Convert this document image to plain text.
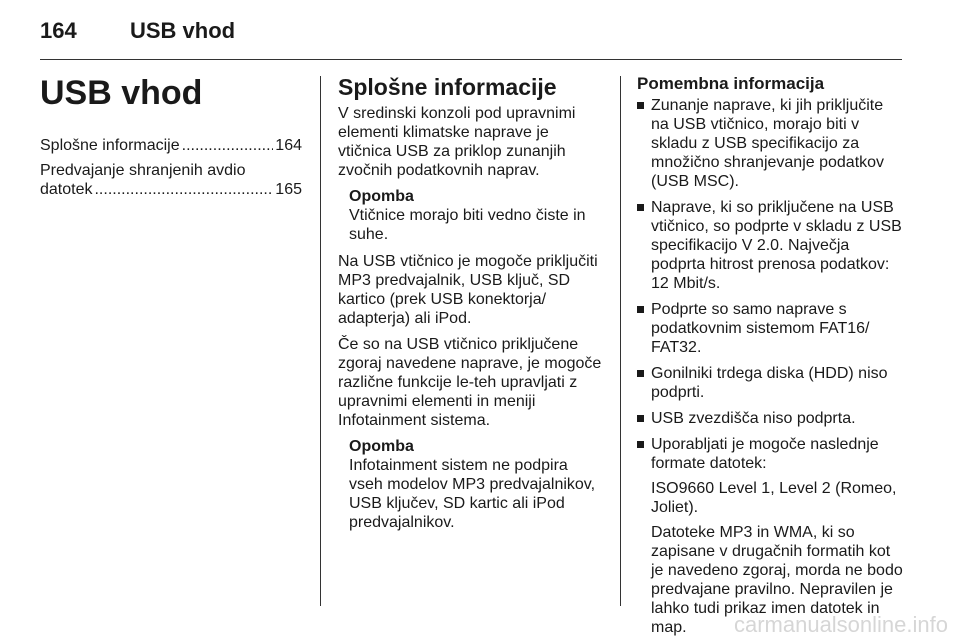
164 USB vhod
USB vhod
Splošne informacije .....	164
Predvajanje shranjenih avdio
datotek .....	165
Splošne informacije

V sredinski konzoli pod upravnimi elementi klimatske naprave je vtičnica USB za priklop zunanjih zvočnih podatkovnih naprav.

Opomba
Vtičnice morajo biti vedno čiste in suhe.

Na USB vtičnico je mogoče priključiti MP3 predvajalnik, USB ključ, SD kartico (prek USB konektorja/ adapterja) ali iPod.

Če so na USB vtičnico priključene zgoraj navedene naprave, je mogoče različne funkcije le-teh upravljati z upravnimi elementi in meniji Infotainment sistema.

Opomba
Infotainment sistem ne podpira vseh modelov MP3 predvajalnikov, USB ključev, SD kartic ali iPod predvajalnikov.
Pomembna informacija
Zunanje naprave, ki jih priključite na USB vtičnico, morajo biti v skladu z USB specifikacijo za množično shranjevanje podatkov (USB MSC).
Naprave, ki so priključene na USB vtičnico, so podprte v skladu z USB specifikacijo V 2.0. Največja podprta hitrost prenosa podatkov: 12 Mbit/s.
Podprte so samo naprave s podatkovnim sistemom FAT16/ FAT32.
Gonilniki trdega diska (HDD) niso podprti.
USB zvezdišča niso podprta.
Uporabljati je mogoče naslednje formate datotek:
ISO9660 Level 1, Level 2 (Romeo, Joliet).
Datoteke MP3 in WMA, ki so zapisane v drugačnih formatih kot je navedeno zgoraj, morda ne bodo predvajane pravilno. Nepravilen je lahko tudi prikaz imen datotek in map.	carmanualsonline.info
